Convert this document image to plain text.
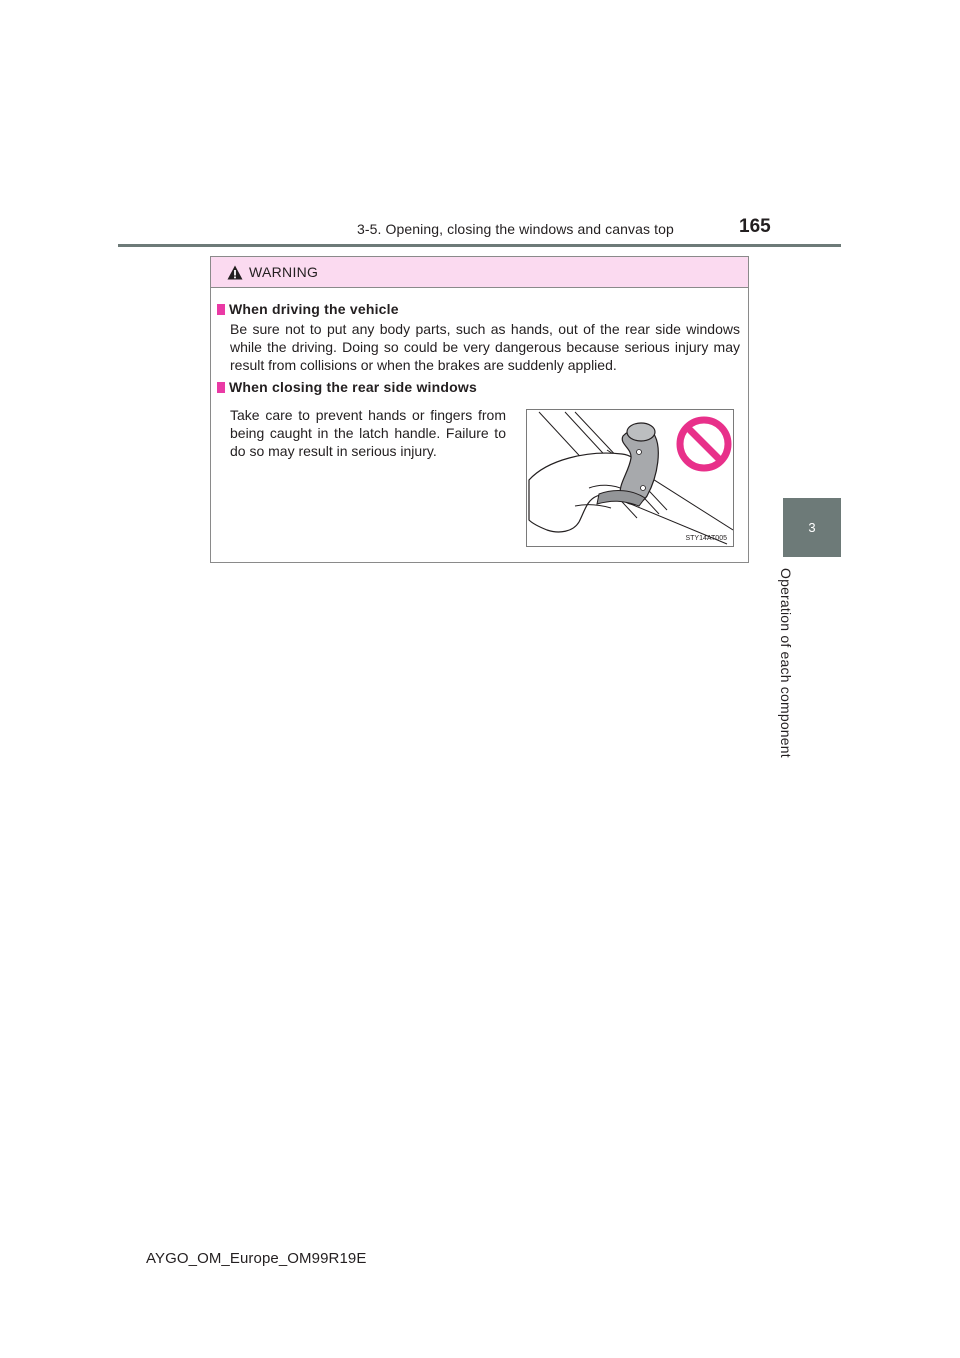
3-5. Opening, closing the windows and canvas top	165
3
Operation of each component
WARNING
When driving the vehicle

Be sure not to put any body parts, such as hands, out of the rear side windows while the driving. Doing so could be very dangerous because serious injury may result from collisions or when the brakes are suddenly applied.

When closing the rear side windows
Take care to prevent hands or fingers from being caught in the latch handle. Failure to do so may result in serious injury.
STY14AT005
AYGO_OM_Europe_OM99R19E
